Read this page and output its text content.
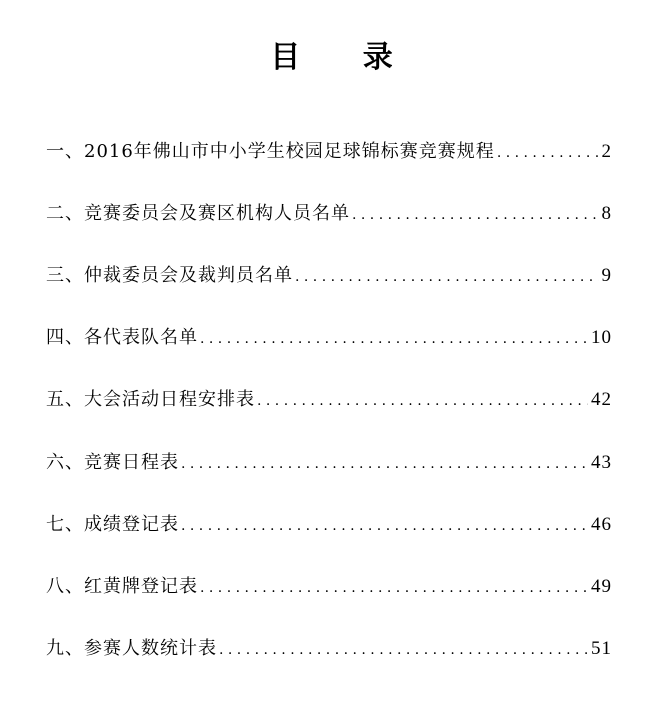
目 录
一、2016年佛山市中小学生校园足球锦标赛竞赛规程 . . .	2
二、竞赛委员会及赛区机构人员名单 . . .	8
三、仲裁委员会及裁判员名单 . . .	9
四、各代表队名单 . . .	10
五、大会活动日程安排表 . . .	42
六、竞赛日程表 . . .	43
七、成绩登记表 . . .	46
八、红黄牌登记表 . . .	49
九、参赛人数统计表 . . .	51
